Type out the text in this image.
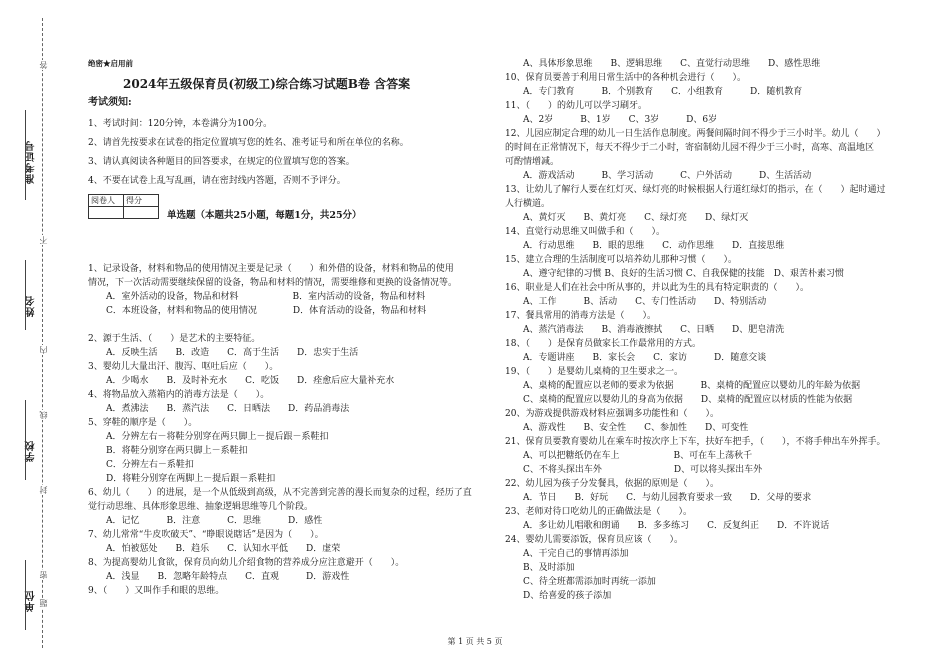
准考证号
姓名
学校
单位
答
不
内
线
封
密
题
绝密★启用前
2024年五级保育员(初级工)综合练习试题B卷 含答案
考试须知:
1、考试时间：120分钟，本卷满分为100分。
2、请首先按要求在试卷的指定位置填写您的姓名、准考证号和所在单位的名称。
3、请认真阅读各种题目的回答要求，在规定的位置填写您的答案。
4、不要在试卷上乱写乱画，请在密封线内答题，否则不予评分。
阅卷人	得分

单选题（本题共25小题，每题1分，共25分）
1、记录设备，材料和物品的使用情况主要是记录（　　）和外借的设备，材料和物品的使用
情况，下一次活动需要继续保留的设备，物品和材料的情况，需要维修和更换的设备情况等。
　　A．室外活动的设备，物品和材料　　　　　　B．室内活动的设备，物品和材料
　　C．本班设备，材料和物品的使用情况　　　　D．体育活动的设备，物品和材料
2、源于生活、（　　）是艺术的主要特征。
　　A．反映生活　　B．改造　　C．高于生活　　D．忠实于生活
3、婴幼儿大量出汗、腹泻、呕吐后应（　　）。
　　A．少喝水　　B．及时补充水　　C．吃饭　　D．痊愈后应大量补充水
4、将物品放入蒸箱内的消毒方法是（　　）。
　　A．煮沸法　　B．蒸汽法　　C．日晒法　　D．药品消毒法
5、穿鞋的顺序是（　　）。
　　A．分辨左右－将鞋分别穿在两只脚上－提后跟－系鞋扣
　　B．将鞋分别穿在两只脚上－系鞋扣
　　C．分辨左右－系鞋扣
　　D．将鞋分别穿在两脚上－提后跟－系鞋扣
6、幼儿（　　）的进展，是一个从低级到高级，从不完善到完善的漫长而复杂的过程，经历了直
觉行动思维、具体形象思维、抽象逻辑思维等几个阶段。
　　A．记忆　　　B．注意　　　C．思维　　　D．感性
7、幼儿常常“牛皮吹破天”、“睁眼说瞎话”是因为（　　）。
　　A．怕被惩处　　B．趋乐　　C．认知水平低　　D．虚荣
8、为提高婴幼儿食欲，保育员向幼儿介绍食物的营养成分应注意避开（　　）。
　　A．浅显　　B．忽略年龄特点　　C．直观　　　D．游戏性
9、（　　）又叫作手和眼的思维。
　　A、具体形象思维　　B、逻辑思维　　C、直觉行动思维　　D、感性思维
10、保育员要善于利用日常生活中的各种机会进行（　　）。
　　A．专门教育　　　B．个别教育　　C．小组教育　　　D．随机教育
11、（　　）的幼儿可以学习刷牙。
　　A、2岁　　　B、1岁　　C、3岁　　　D、6岁
12、儿园应制定合理的幼儿一日生活作息制度。两餐间隔时间不得少于三小时半。幼儿（　　）
的时间在正常情况下，每天不得少于二小时，寄宿制幼儿园不得少于三小时，高寒、高温地区
可酌情增减。
　　A．游戏活动　　　B、学习活动　　　C、户外活动　　　D、生活活动
13、让幼儿了解行人要在红灯灭、绿灯亮的时候根据人行道红绿灯的指示，在（　　）起时通过
人行横道。
　　A、黄灯灭　　B、黄灯亮　　C、绿灯亮　　D、绿灯灭
14、直觉行动思维又叫做手和（　　）。
　　A．行动思维　　B．眼的思维　　C．动作思维　　D．直接思维
15、建立合理的生活制度可以培养幼儿那种习惯（　　）。
　　A、遵守纪律的习惯 B、良好的生活习惯 C、自我保健的技能　D、艰苦朴素习惯
16、职业是人们在社会中所从事的，并以此为生的具有特定职责的（　　）。
　　A、工作　　　B、活动　　C、专门性活动　　D、特别活动
17、餐具常用的消毒方法是（　　）。
　　A、蒸汽消毒法　　B、消毒液擦拭　　C、日晒　　D、肥皂清洗
18、（　　）是保育员做家长工作最常用的方式。
　　A．专题讲座　　B．家长会　　C．家访　　　D．随意交谈
19、（　　）是婴幼儿桌椅的卫生要求之一。
　　A、桌椅的配置应以老师的要求为依据　　　B、桌椅的配置应以婴幼儿的年龄为依据
　　C、桌椅的配置应以婴幼儿的身高为依据　　D、桌椅的配置应以材质的性能为依据
20、为游戏提供游戏材料应强调多功能性和（　　）。
　　A、游戏性　　B、安全性　　C、参加性　　D、可变性
21、保育员要教育婴幼儿在乘车时按次序上下车，扶好车把手，（　　），不将手伸出车外挥手。
　　A、可以把糖纸仍在车上　　　　　　B、可在车上荡秋千
　　C、不将头探出车外　　　　　　　　D、可以将头探出车外
22、幼儿园为孩子分发餐具，依据的原则是（　　）。
　　A．节日　　B．好玩　　C．与幼儿园教育要求一致　　D．父母的要求
23、老师对待口吃幼儿的正确做法是（　　）。
　　A．多让幼儿唱歌和朗诵　　B．多多练习　　C．反复纠正　　D．不许说话
24、婴幼儿需要添饭，保育员应该（　　）。
　　A、干完自己的事情再添加
　　B、及时添加
　　C、待全班都需添加时再统一添加
　　D、给喜爱的孩子添加
第 1 页 共 5 页
